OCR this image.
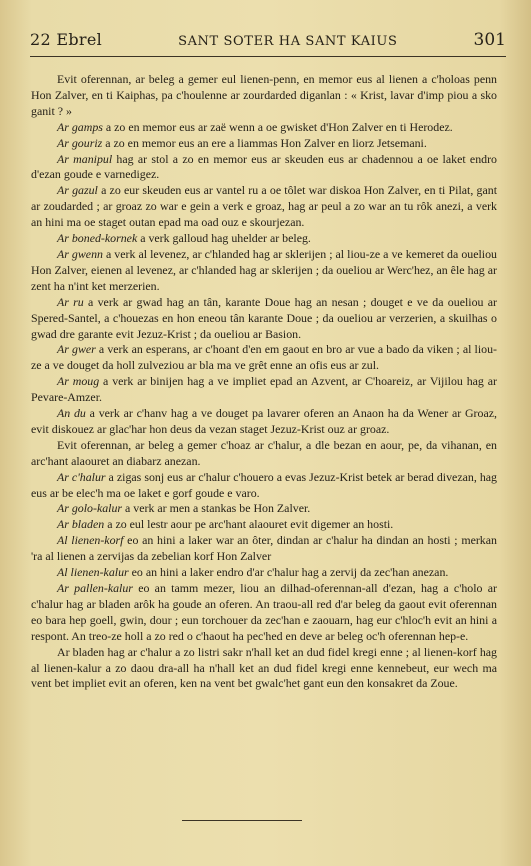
22 Ebrel	SANT SOTER HA SANT KAIUS	301

Evit oferennan, ar beleg a gemer eul lienen-penn, en memor eus al lienen a c'holoas penn Hon Zalver, en ti Kaiphas, pa c'houlenne ar zourdarded diganlan : « Krist, lavar d'imp piou a sko ganit ? »

Ar gamps a zo en memor eus ar zaë wenn a oe gwisket d'Hon Zalver en ti Herodez.

Ar gouriz a zo en memor eus an ere a liammas Hon Zalver en liorz Jetsemani.

Ar manipul hag ar stol a zo en memor eus ar skeuden eus ar chadennou a oe laket endro d'ezan goude e varnedigez.

Ar gazul a zo eur skeuden eus ar vantel ru a oe tôlet war diskoa Hon Zalver, en ti Pilat, gant ar zoudarded ; ar groaz zo war e gein a verk e groaz, hag ar peul a zo war an tu rôk anezi, a verk an hini ma oe staget outan epad ma oad ouz e skourjezan.

Ar boned-kornek a verk galloud hag uhelder ar beleg.

Ar gwenn a verk al levenez, ar c'hlanded hag ar sklerijen ; al liou-ze a ve kemeret da oueliou Hon Zalver, eienen al levenez, ar c'hlanded hag ar sklerijen ; da oueliou ar Werc'hez, an êle hag ar zent ha n'int ket merzerien.

Ar ru a verk ar gwad hag an tân, karante Doue hag an nesan ; douget e ve da oueliou ar Spered-Santel, a c'houezas en hon eneou tân karante Doue ; da oueliou ar verzerien, a skuilhas o gwad dre garante evit Jezuz-Krist ; da oueliou ar Basion.

Ar gwer a verk an esperans, ar c'hoant d'en em gaout en bro ar vue a bado da viken ; al liou-ze a ve douget da holl zulveziou ar bla ma ve grêt enne an ofis eus ar zul.

Ar moug a verk ar binijen hag a ve impliet epad an Azvent, ar C'hoareiz, ar Vijilou hag ar Pevare-Amzer.

An du a verk ar c'hanv hag a ve douget pa lavarer oferen an Anaon ha da Wener ar Groaz, evit diskouez ar glac'har hon deus da vezan staget Jezuz-Krist ouz ar groaz.

Evit oferennan, ar beleg a gemer c'hoaz ar c'halur, a dle bezan en aour, pe, da vihanan, en arc'hant alaouret an diabarz anezan.

Ar c'halur a zigas sonj eus ar c'halur c'houero a evas Jezuz-Krist betek ar berad divezan, hag eus ar be elec'h ma oe laket e gorf goude e varo.

Ar golo-kalur a verk ar men a stankas be Hon Zalver.

Ar bladen a zo eul lestr aour pe arc'hant alaouret evit digemer an hosti.

Al lienen-korf eo an hini a laker war an ôter, dindan ar c'halur ha dindan an hosti ; merkan 'ra al lienen a zervijas da zebelian korf Hon Zalver

Al lienen-kalur eo an hini a laker endro d'ar c'halur hag a zervij da zec'han anezan.

Ar pallen-kalur eo an tamm mezer, liou an dilhad-oferennan-all d'ezan, hag a c'holo ar c'halur hag ar bladen arôk ha goude an oferen. An traou-all red d'ar beleg da gaout evit oferennan eo bara hep goell, gwin, dour ; eun torchouer da zec'han e zaouarn, hag eur c'hloc'h evit an hini a respont. An treo-ze holl a zo red o c'haout ha pec'hed en deve ar beleg oc'h oferennan hep-e.

Ar bladen hag ar c'halur a zo listri sakr n'hall ket an dud fidel kregi enne ; al lienen-korf hag al lienen-kalur a zo daou dra-all ha n'hall ket an dud fidel kregi enne kennebeut, eur wech ma vent bet impliet evit an oferen, ken na vent bet gwalc'het gant eun den konsakret da Zoue.
